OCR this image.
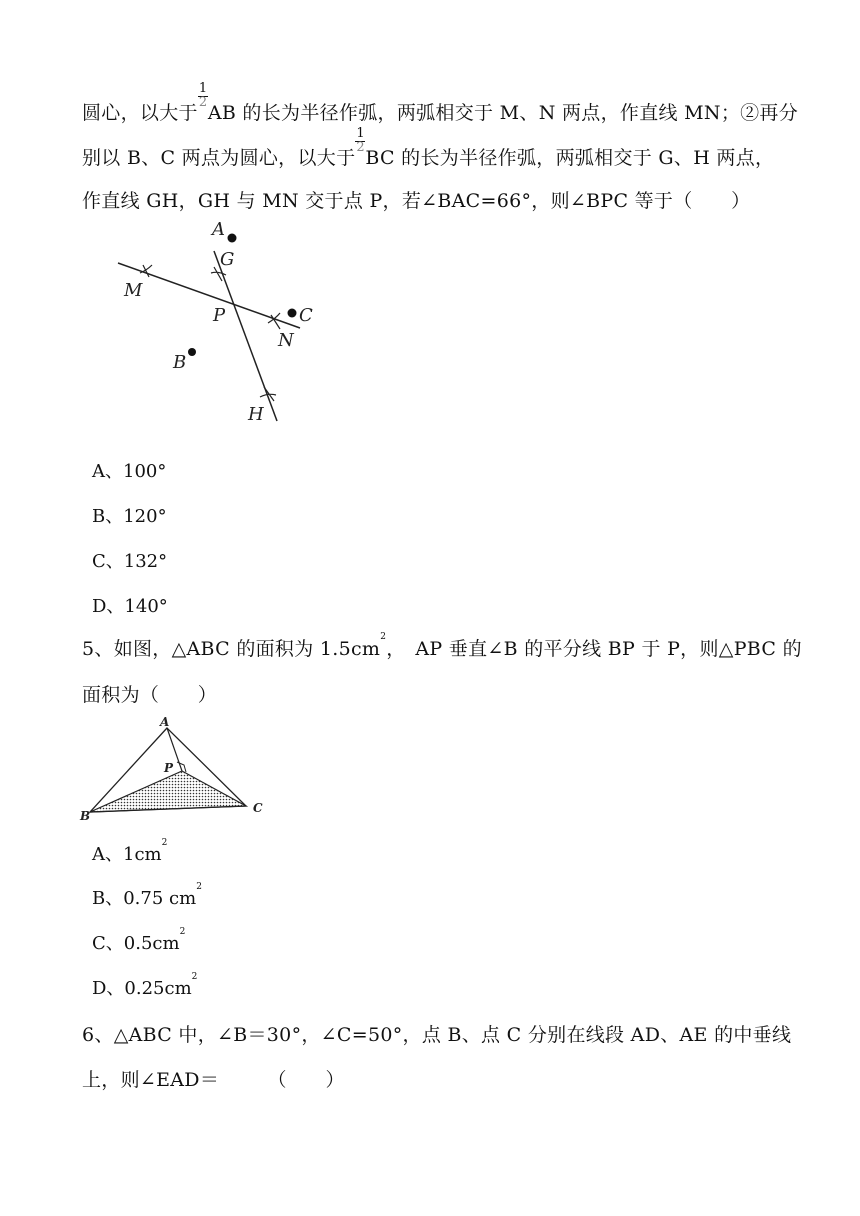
圆心，以大于 $\frac{1}{2}$ AB 的长为半径作弧，两弧相交于 M、N 两点，作直线 MN；②再分
别以 B、C 两点为圆心，以大于 $\frac{1}{2}$ BC 的长为半径作弧，两弧相交于 G、H 两点，
作直线 GH，GH 与 MN 交于点 P，若∠BAC=66°，则∠BPC 等于（　　）
A
G
M
P	C
N
B
H
A、100°
B、120°
C、132°
D、140°
5、如图，△ABC 的面积为 $1.5cm^2$，　AP 垂直∠B 的平分线 BP 于 P，则△PBC 的
面积为（　　）
A
P
B
C
A、$1cm^2$
B、0.75 $cm^2$
C、$0.5cm^2$
D、$0.25cm^2$
6、△ABC 中，∠B＝30°，∠C=50°，点 B、点 C 分别在线段 AD、AE 的中垂线
上，则∠EAD＝　　　（　　）
